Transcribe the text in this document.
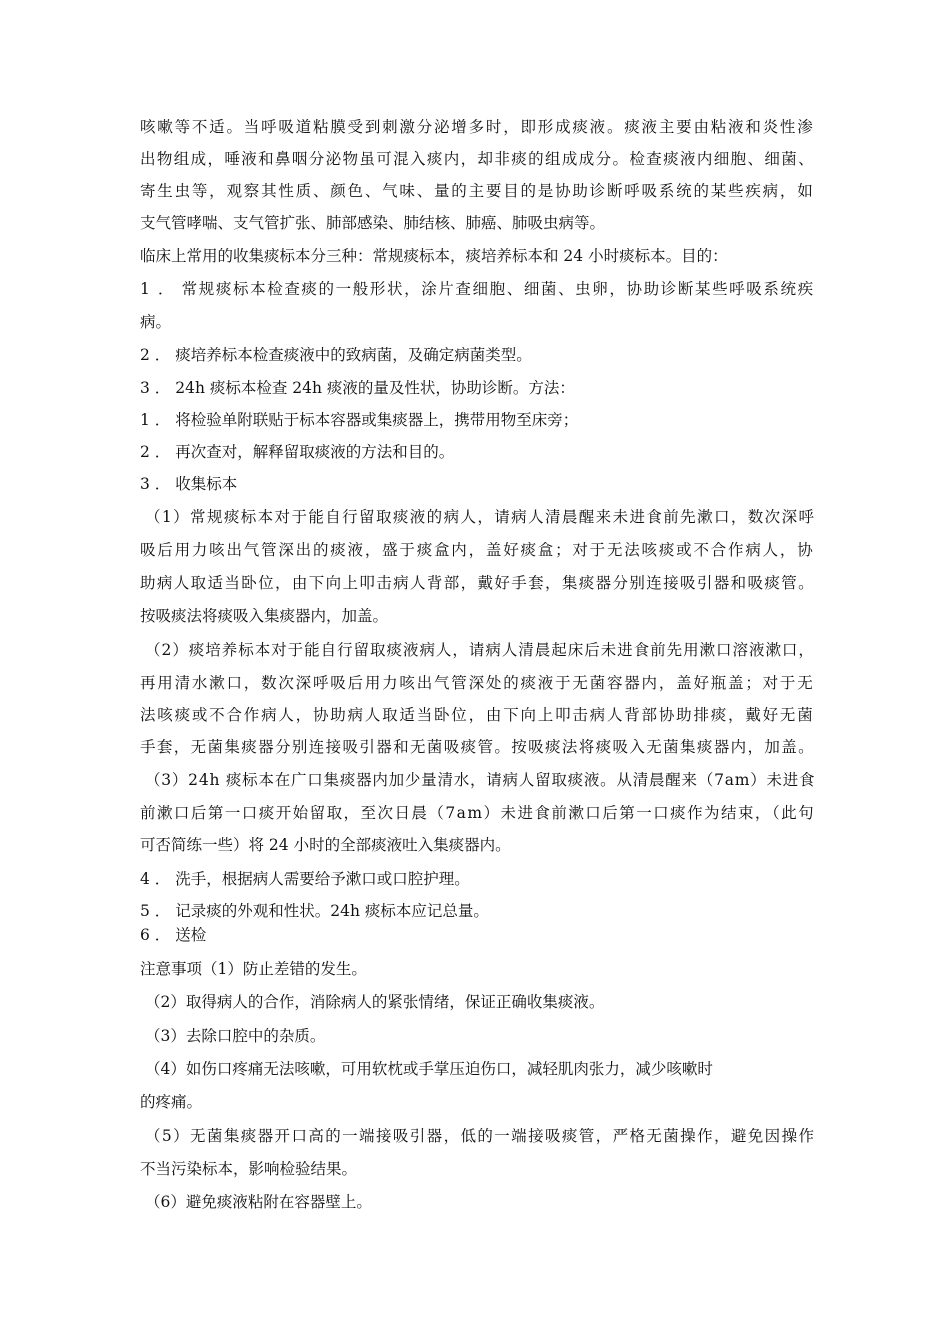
咳嗽等不适。当呼吸道粘膜受到刺激分泌增多时，即形成痰液。痰液主要由粘液和炎性渗
出物组成，唾液和鼻咽分泌物虽可混入痰内，却非痰的组成成分。检查痰液内细胞、细菌、
寄生虫等，观察其性质、颜色、气味、量的主要目的是协助诊断呼吸系统的某些疾病，如
支气管哮喘、支气管扩张、肺部感染、肺结核、肺癌、肺吸虫病等。
临床上常用的收集痰标本分三种：常规痰标本，痰培养标本和 24 小时痰标本。目的：
1 ． 常规痰标本检查痰的一般形状，涂片查细胞、细菌、虫卵，协助诊断某些呼吸系统疾
病。
2 ． 痰培养标本检查痰液中的致病菌，及确定病菌类型。
3 ． 24h 痰标本检查 24h 痰液的量及性状，协助诊断。方法：
1 ． 将检验单附联贴于标本容器或集痰器上，携带用物至床旁；
2 ． 再次查对，解释留取痰液的方法和目的。
3 ． 收集标本
（1）常规痰标本对于能自行留取痰液的病人，请病人清晨醒来未进食前先漱口，数次深呼
吸后用力咳出气管深出的痰液，盛于痰盒内，盖好痰盒；对于无法咳痰或不合作病人，协
助病人取适当卧位，由下向上叩击病人背部，戴好手套，集痰器分别连接吸引器和吸痰管。
按吸痰法将痰吸入集痰器内，加盖。
（2）痰培养标本对于能自行留取痰液病人，请病人清晨起床后未进食前先用漱口溶液漱口，
再用清水漱口，数次深呼吸后用力咳出气管深处的痰液于无菌容器内，盖好瓶盖；对于无
法咳痰或不合作病人，协助病人取适当卧位，由下向上叩击病人背部协助排痰，戴好无菌
手套，无菌集痰器分别连接吸引器和无菌吸痰管。按吸痰法将痰吸入无菌集痰器内，加盖。
（3）24h 痰标本在广口集痰器内加少量清水，请病人留取痰液。从清晨醒来（7am）未进食
前漱口后第一口痰开始留取，至次日晨（7am）未进食前漱口后第一口痰作为结束，（此句
可否简练一些）将 24 小时的全部痰液吐入集痰器内。
4 ． 洗手，根据病人需要给予漱口或口腔护理。
5 ． 记录痰的外观和性状。24h 痰标本应记总量。
6 ． 送检
注意事项（1）防止差错的发生。
（2）取得病人的合作，消除病人的紧张情绪，保证正确收集痰液。
（3）去除口腔中的杂质。
（4）如伤口疼痛无法咳嗽，可用软枕或手掌压迫伤口，减轻肌肉张力，减少咳嗽时
的疼痛。
（5）无菌集痰器开口高的一端接吸引器，低的一端接吸痰管，严格无菌操作，避免因操作
不当污染标本，影响检验结果。
（6）避免痰液粘附在容器壁上。
